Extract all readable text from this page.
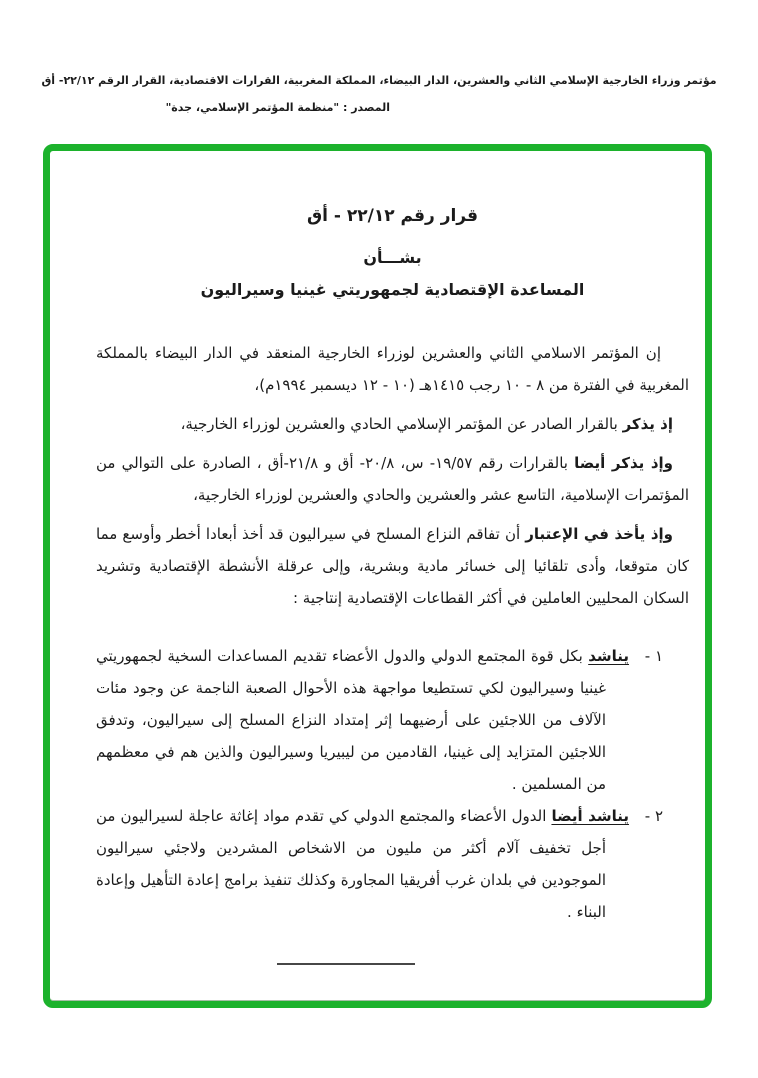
مؤتمر وزراء الخارجية الإسلامي الثاني والعشرين، الدار البيضاء، المملكة المغربية، القرارات الاقتصادية، القرار الرقم ٢٢/١٢- أق
المصدر : "منظمة المؤتمر الإسلامي، جدة"
قرار رقم ٢٢/١٢ - أق
بشـــأن
المساعدة الإقتصادية لجمهوريتي غينيا وسيراليون

إن المؤتمر الاسلامي الثاني والعشرين لوزراء الخارجية المنعقد في الدار البيضاء بالمملكة المغربية في الفترة من ٨ - ١٠ رجب ١٤١٥هـ (١٠ - ١٢ ديسمبر ١٩٩٤م)،

إذ يذكر بالقرار الصادر عن المؤتمر الإسلامي الحادي والعشرين لوزراء الخارجية،

وإذ يذكر أيضا بالقرارات رقم ١٩/٥٧- س، ٢٠/٨- أق و ٢١/٨-أق ، الصادرة على التوالي من المؤتمرات الإسلامية، التاسع عشر والعشرين والحادي والعشرين لوزراء الخارجية،

وإذ يأخذ في الإعتبار أن تفاقم النزاع المسلح في سيراليون قد أخذ أبعادا أخطر وأوسع مما كان متوقعا، وأدى تلقائيا إلى خسائر مادية وبشرية، وإلى عرقلة الأنشطة الإقتصادية وتشريد السكان المحليين العاملين في أكثر القطاعات الإقتصادية إنتاجية :

١ -
يناشد بكل قوة المجتمع الدولي والدول الأعضاء تقديم المساعدات السخية لجمهوريتي غينيا وسيراليون لكي تستطيعا مواجهة هذه الأحوال الصعبة الناجمة عن وجود مئات الآلاف من اللاجئين على أرضيهما إثر إمتداد النزاع المسلح إلى سيراليون، وتدفق اللاجئين المتزايد إلى غينيا، القادمين من ليبيريا وسيراليون والذين هم في معظمهم من المسلمين .
٢ -
يناشد أيضا الدول الأعضاء والمجتمع الدولي كي تقدم مواد إغاثة عاجلة لسيراليون من أجل تخفيف آلام أكثر من مليون من الاشخاص المشردين ولاجئي سيراليون الموجودين في بلدان غرب أفريقيا المجاورة وكذلك تنفيذ برامج إعادة التأهيل وإعادة البناء .
